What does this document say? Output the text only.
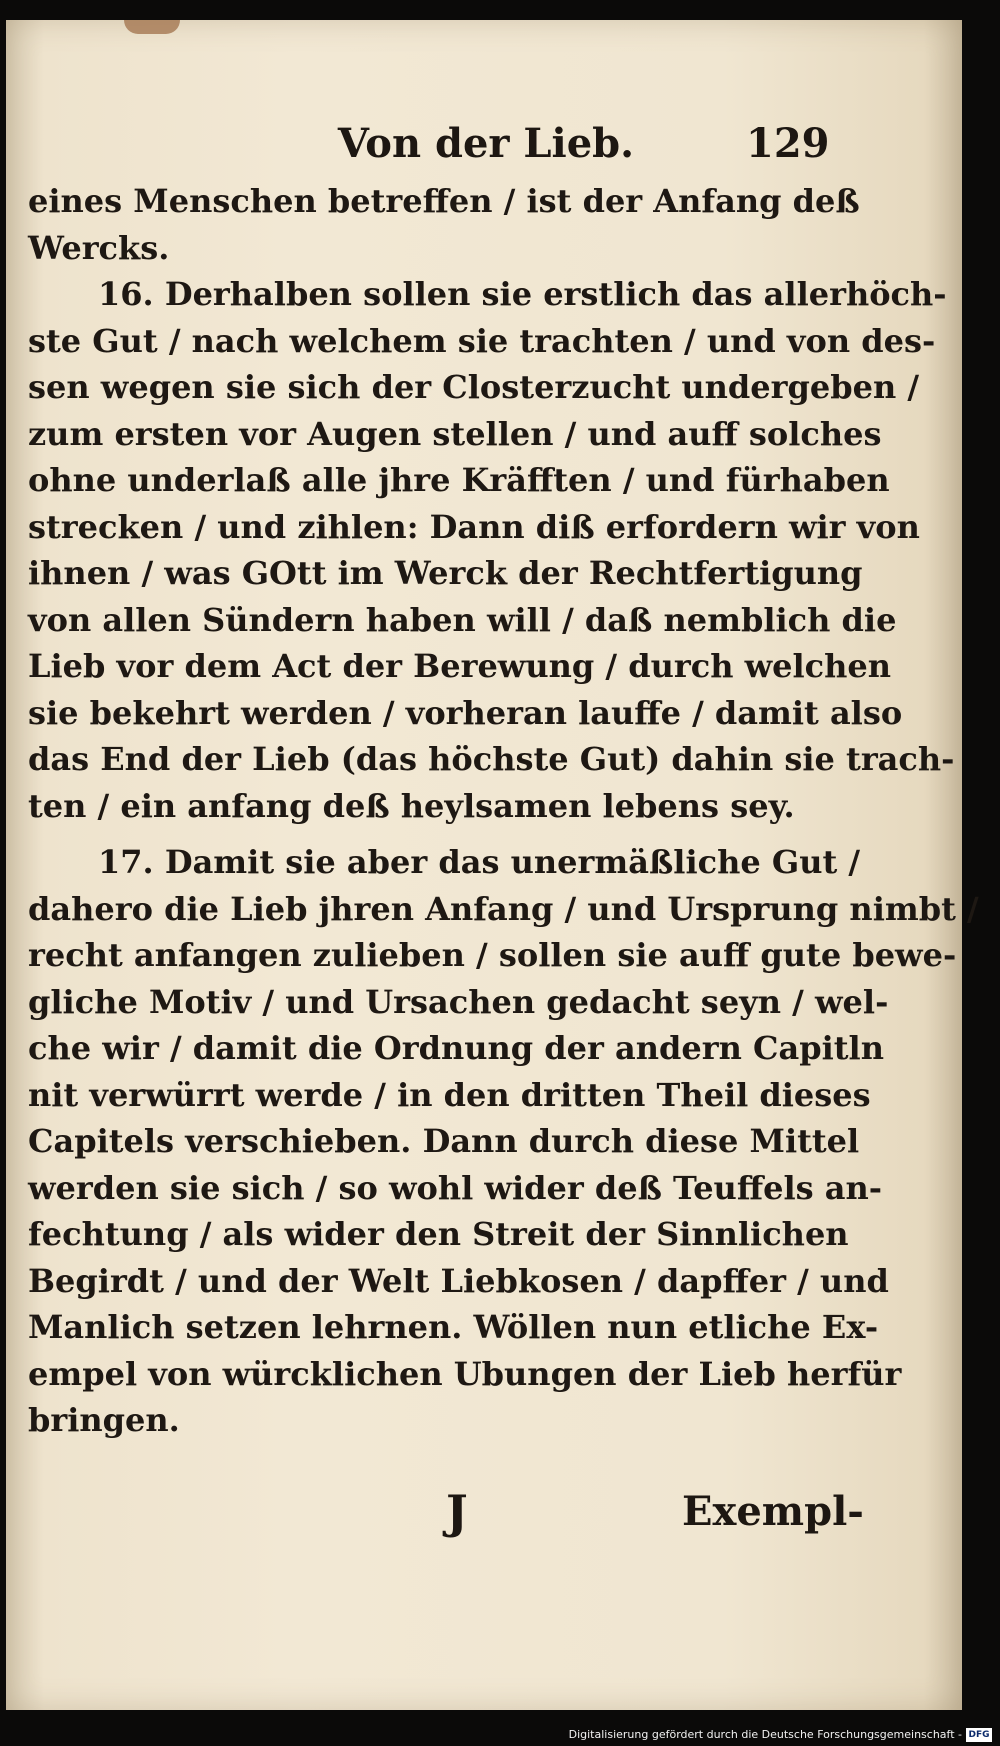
Von der Lieb.	129
eines Menschen betreffen / ist der Anfang deß
Wercks.
16. Derhalben sollen sie erstlich das allerhöch-
ste Gut / nach welchem sie trachten / und von des-
sen wegen sie sich der Closterzucht undergeben /
zum ersten vor Augen stellen / und auff solches
ohne underlaß alle jhre Kräfften / und fürhaben
strecken / und zihlen: Dann diß erfordern wir von
ihnen / was GOtt im Werck der Rechtfertigung
von allen Sündern haben will / daß nemblich die
Lieb vor dem Act der Berewung / durch welchen
sie bekehrt werden / vorheran lauffe / damit also
das End der Lieb (das höchste Gut) dahin sie trach-
ten / ein anfang deß heylsamen lebens sey.
17. Damit sie aber das unermäßliche Gut /
dahero die Lieb jhren Anfang / und Ursprung nimbt /
recht anfangen zulieben / sollen sie auff gute bewe-
gliche Motiv / und Ursachen gedacht seyn / wel-
che wir / damit die Ordnung der andern Capitln
nit verwürrt werde / in den dritten Theil dieses
Capitels verschieben. Dann durch diese Mittel
werden sie sich / so wohl wider deß Teuffels an-
fechtung / als wider den Streit der Sinnlichen
Begirdt / und der Welt Liebkosen / dapffer / und
Manlich setzen lehrnen. Wöllen nun etliche Ex-
empel von würcklichen Ubungen der Lieb herfür
bringen.
J	Exempl-
Digitalisierung gefördert durch die Deutsche Forschungsgemeinschaft - DFG
